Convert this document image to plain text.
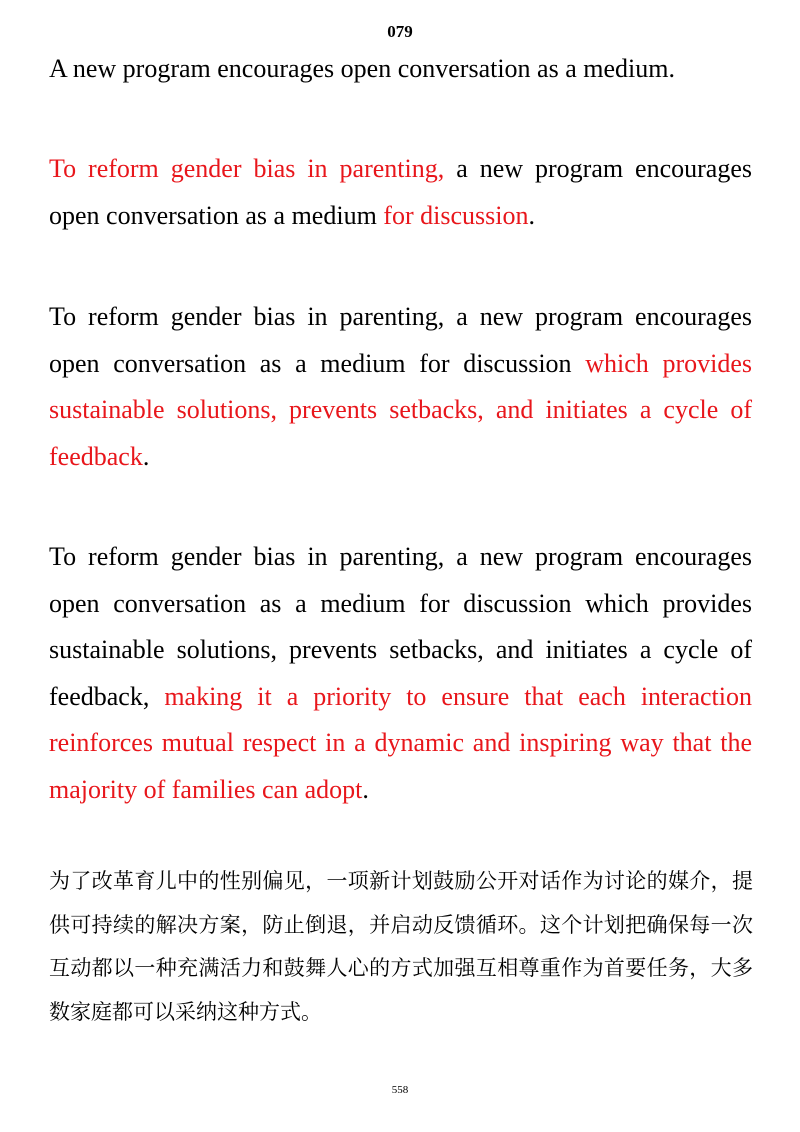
079

A new program encourages open conversation as a medium.

To reform gender bias in parenting, a new program encourages open conversation as a medium for discussion.

To reform gender bias in parenting, a new program encourages open conversation as a medium for discussion which provides sustainable solutions, prevents setbacks, and initiates a cycle of feedback.

To reform gender bias in parenting, a new program encourages open conversation as a medium for discussion which provides sustainable solutions, prevents setbacks, and initiates a cycle of feedback, making it a priority to ensure that each interaction reinforces mutual respect in a dynamic and inspiring way that the majority of families can adopt.

为了改革育儿中的性别偏见，一项新计划鼓励公开对话作为讨论的媒介，提供可持续的解决方案，防止倒退，并启动反馈循环。这个计划把确保每一次互动都以一种充满活力和鼓舞人心的方式加强互相尊重作为首要任务，大多数家庭都可以采纳这种方式。

558
